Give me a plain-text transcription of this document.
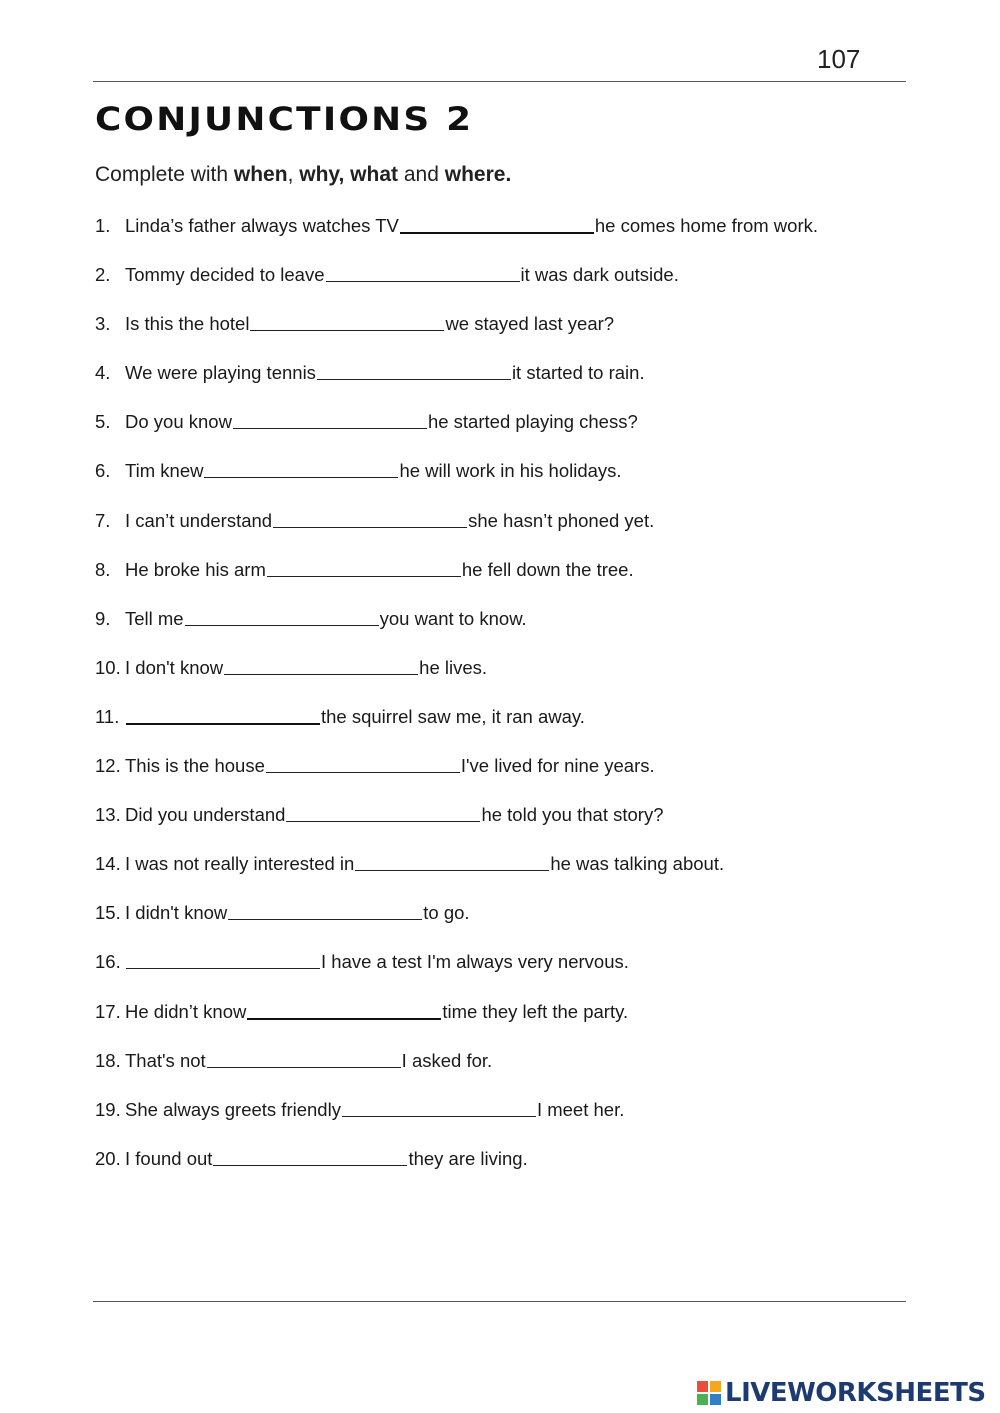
107
CONJUNCTIONS 2
Complete with when, why, what and where.
1. Linda’s father always watches TV	he comes home from work.
2. Tommy decided to leave	it was dark outside.
3. Is this the hotel	we stayed last year?
4. We were playing tennis	it started to rain.
5. Do you know	he started playing chess?
6. Tim knew	he will work in his holidays.
7. I can’t understand	she hasn’t phoned yet.
8. He broke his arm	he fell down the tree.
9. Tell me	you want to know.
10. I don't know	he lives.
11.	the squirrel saw me, it ran away.
12. This is the house	I've lived for nine years.
13. Did you understand	he told you that story?
14. I was not really interested in	he was talking about.
15. I didn't know	to go.
16.	I have a test I'm always very nervous.
17. He didn’t know	time they left the party.
18. That's not	I asked for.
19. She always greets friendly	I meet her.
20. I found out	they are living.
LIVEWORKSHEETS
